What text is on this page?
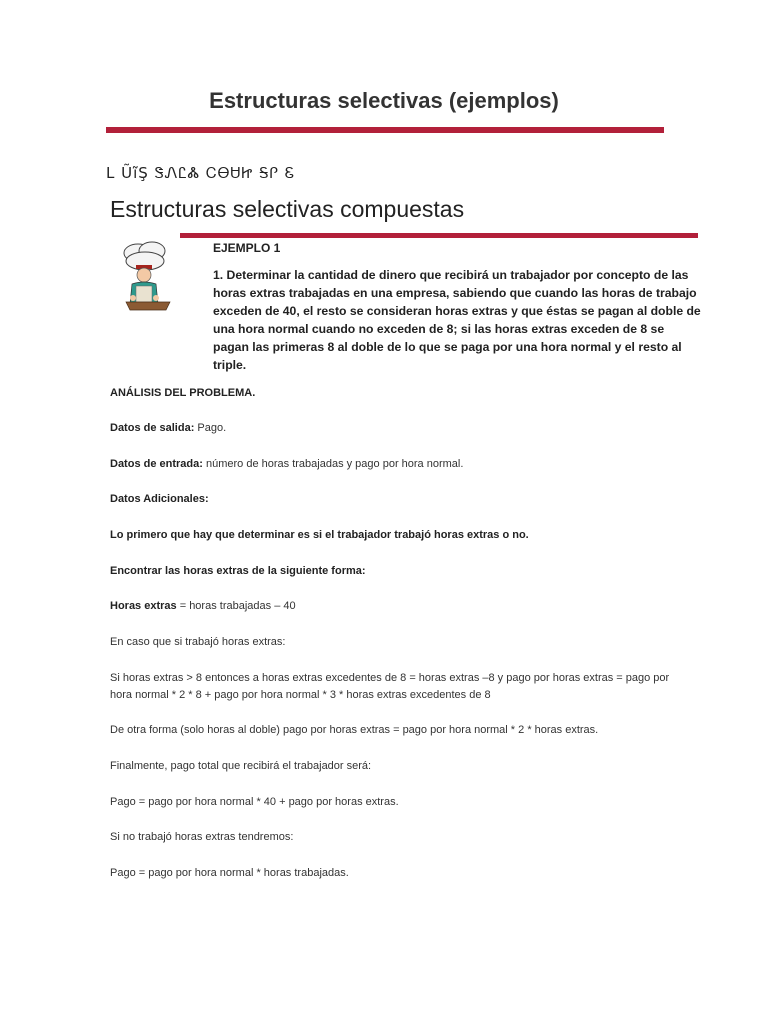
Estructuras selectivas (ejemplos)
L ŨĩŞ ᏕᏁᏝᏜ ᏟᎾᏌᏥ ᎦᎵ Ꮛ
Estructuras selectivas compuestas
EJEMPLO 1
1. Determinar la cantidad de dinero que recibirá un trabajador por concepto de las horas extras trabajadas en una empresa, sabiendo que cuando las horas de trabajo exceden de 40, el resto se consideran horas extras y que éstas se pagan al doble de una hora normal cuando no exceden de 8; si las horas extras exceden de 8 se pagan las primeras 8 al doble de lo que se paga por una hora normal y el resto al triple.
ANÁLISIS DEL PROBLEMA.
Datos de salida: Pago.
Datos de entrada: número de horas trabajadas y pago por hora normal.
Datos Adicionales:
Lo primero que hay que determinar es si el trabajador trabajó horas extras o no.
Encontrar las horas extras de la siguiente forma:
Horas extras = horas trabajadas – 40
En caso que si trabajó horas extras:
Si horas extras > 8 entonces a horas extras excedentes de 8 = horas extras –8 y pago por horas extras = pago por hora normal * 2 * 8 + pago por hora normal * 3 * horas extras excedentes de 8
De otra forma (solo horas al doble) pago por horas extras = pago por hora normal * 2 * horas extras.
Finalmente, pago total que recibirá el trabajador será:
Pago = pago por hora normal * 40 + pago por horas extras.
Si no trabajó horas extras tendremos:
Pago = pago por hora normal * horas trabajadas.
